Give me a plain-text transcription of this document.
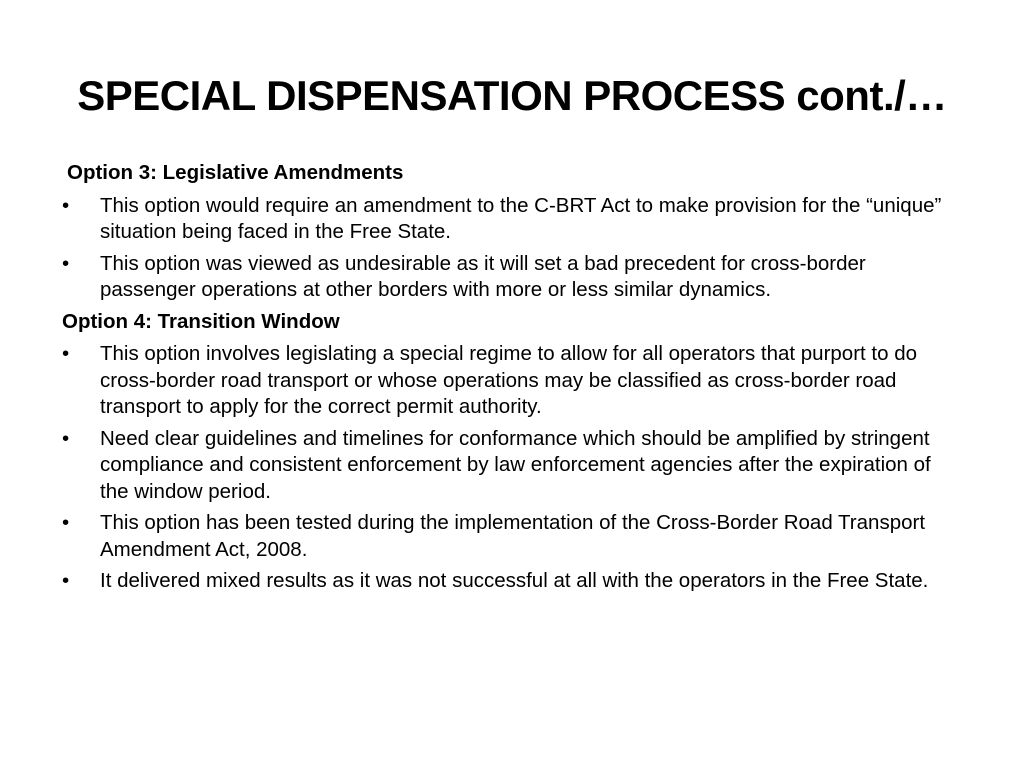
SPECIAL DISPENSATION PROCESS cont./…
Option 3: Legislative Amendments
•	This option would require an amendment to the C-BRT Act to make provision for the “unique” situation being faced in the Free State.
•	This option was viewed as undesirable as it will set a bad precedent for cross-border passenger operations at other borders with more or less similar dynamics.
Option 4: Transition Window
•	This option involves legislating a special regime to allow for all operators that purport to do cross-border road transport or whose operations may be classified as cross-border road transport to apply for the correct permit authority.
•	Need clear guidelines and timelines for conformance which should be amplified by stringent compliance and consistent enforcement by law enforcement agencies after the expiration of the window period.
•	This option has been tested during the implementation of the Cross-Border Road Transport Amendment Act, 2008.
•	It delivered mixed results as it was not successful at all with the operators in the Free State.
